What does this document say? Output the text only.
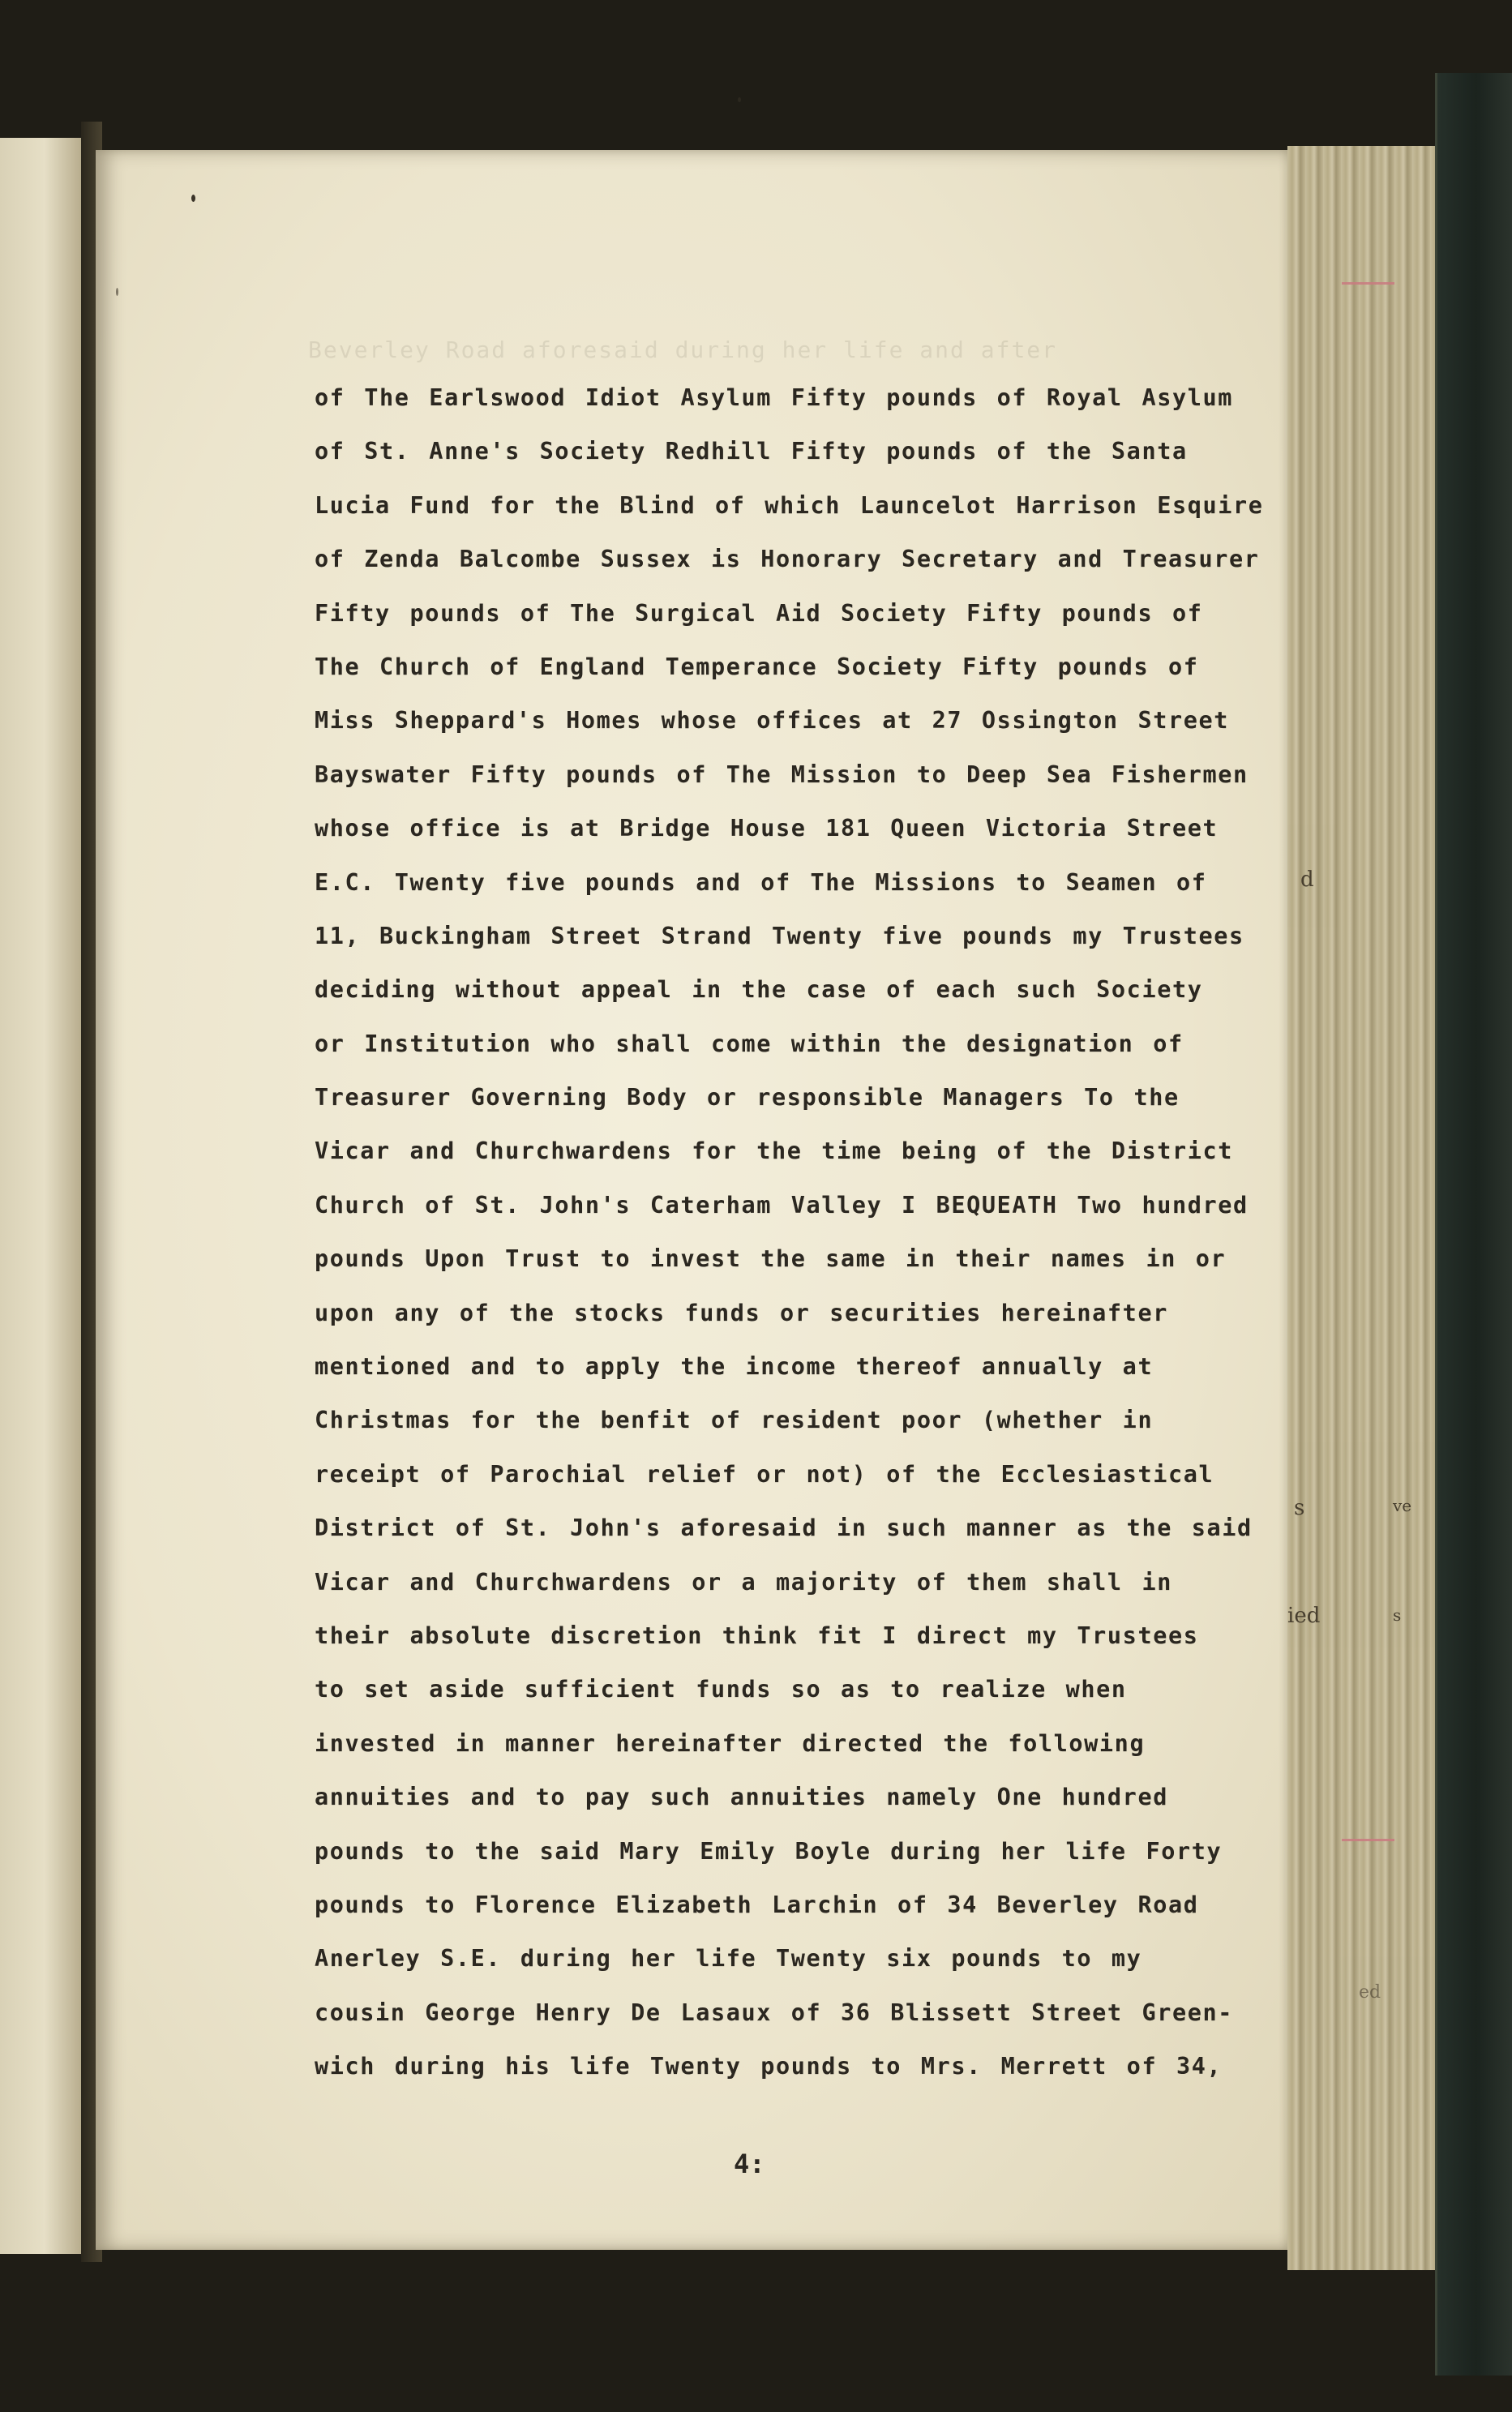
d
s	ve
ied	s
ed
Beverley Road aforesaid during her life and after
of The Earlswood Idiot Asylum Fifty pounds of Royal Asylum
of St. Anne's Society Redhill Fifty pounds of the Santa
Lucia Fund for the Blind of which Launcelot Harrison Esquire
of Zenda Balcombe Sussex is Honorary Secretary and Treasurer
Fifty pounds of The Surgical Aid Society Fifty pounds of
The Church of England Temperance Society Fifty pounds of
Miss Sheppard's Homes whose offices at 27 Ossington Street
Bayswater Fifty pounds of The Mission to Deep Sea Fishermen
whose office is at Bridge House 181 Queen Victoria Street
E.C. Twenty five pounds and of The Missions to Seamen of
11, Buckingham Street Strand Twenty five pounds my Trustees
deciding without appeal in the case of each such Society
or Institution who shall come within the designation of
Treasurer Governing Body or responsible Managers To the
Vicar and Churchwardens for the time being of the District
Church of St. John's Caterham Valley I BEQUEATH Two hundred
pounds Upon Trust to invest the same in their names in or
upon any of the stocks funds or securities hereinafter
mentioned and to apply the income thereof annually at
Christmas for the benfit of resident poor (whether in
receipt of Parochial relief or not) of the Ecclesiastical
District of St. John's aforesaid in such manner as the said
Vicar and Churchwardens or a majority of them shall in
their absolute discretion think fit I direct my Trustees
to set aside sufficient funds so as to realize when
invested in manner hereinafter directed the following
annuities and to pay such annuities namely One hundred
pounds to the said Mary Emily Boyle during her life Forty
pounds to Florence Elizabeth Larchin of 34 Beverley Road
Anerley S.E. during her life Twenty six pounds to my
cousin George Henry De Lasaux of 36 Blissett Street Green-
wich during his life Twenty pounds to Mrs. Merrett of 34,
4:
